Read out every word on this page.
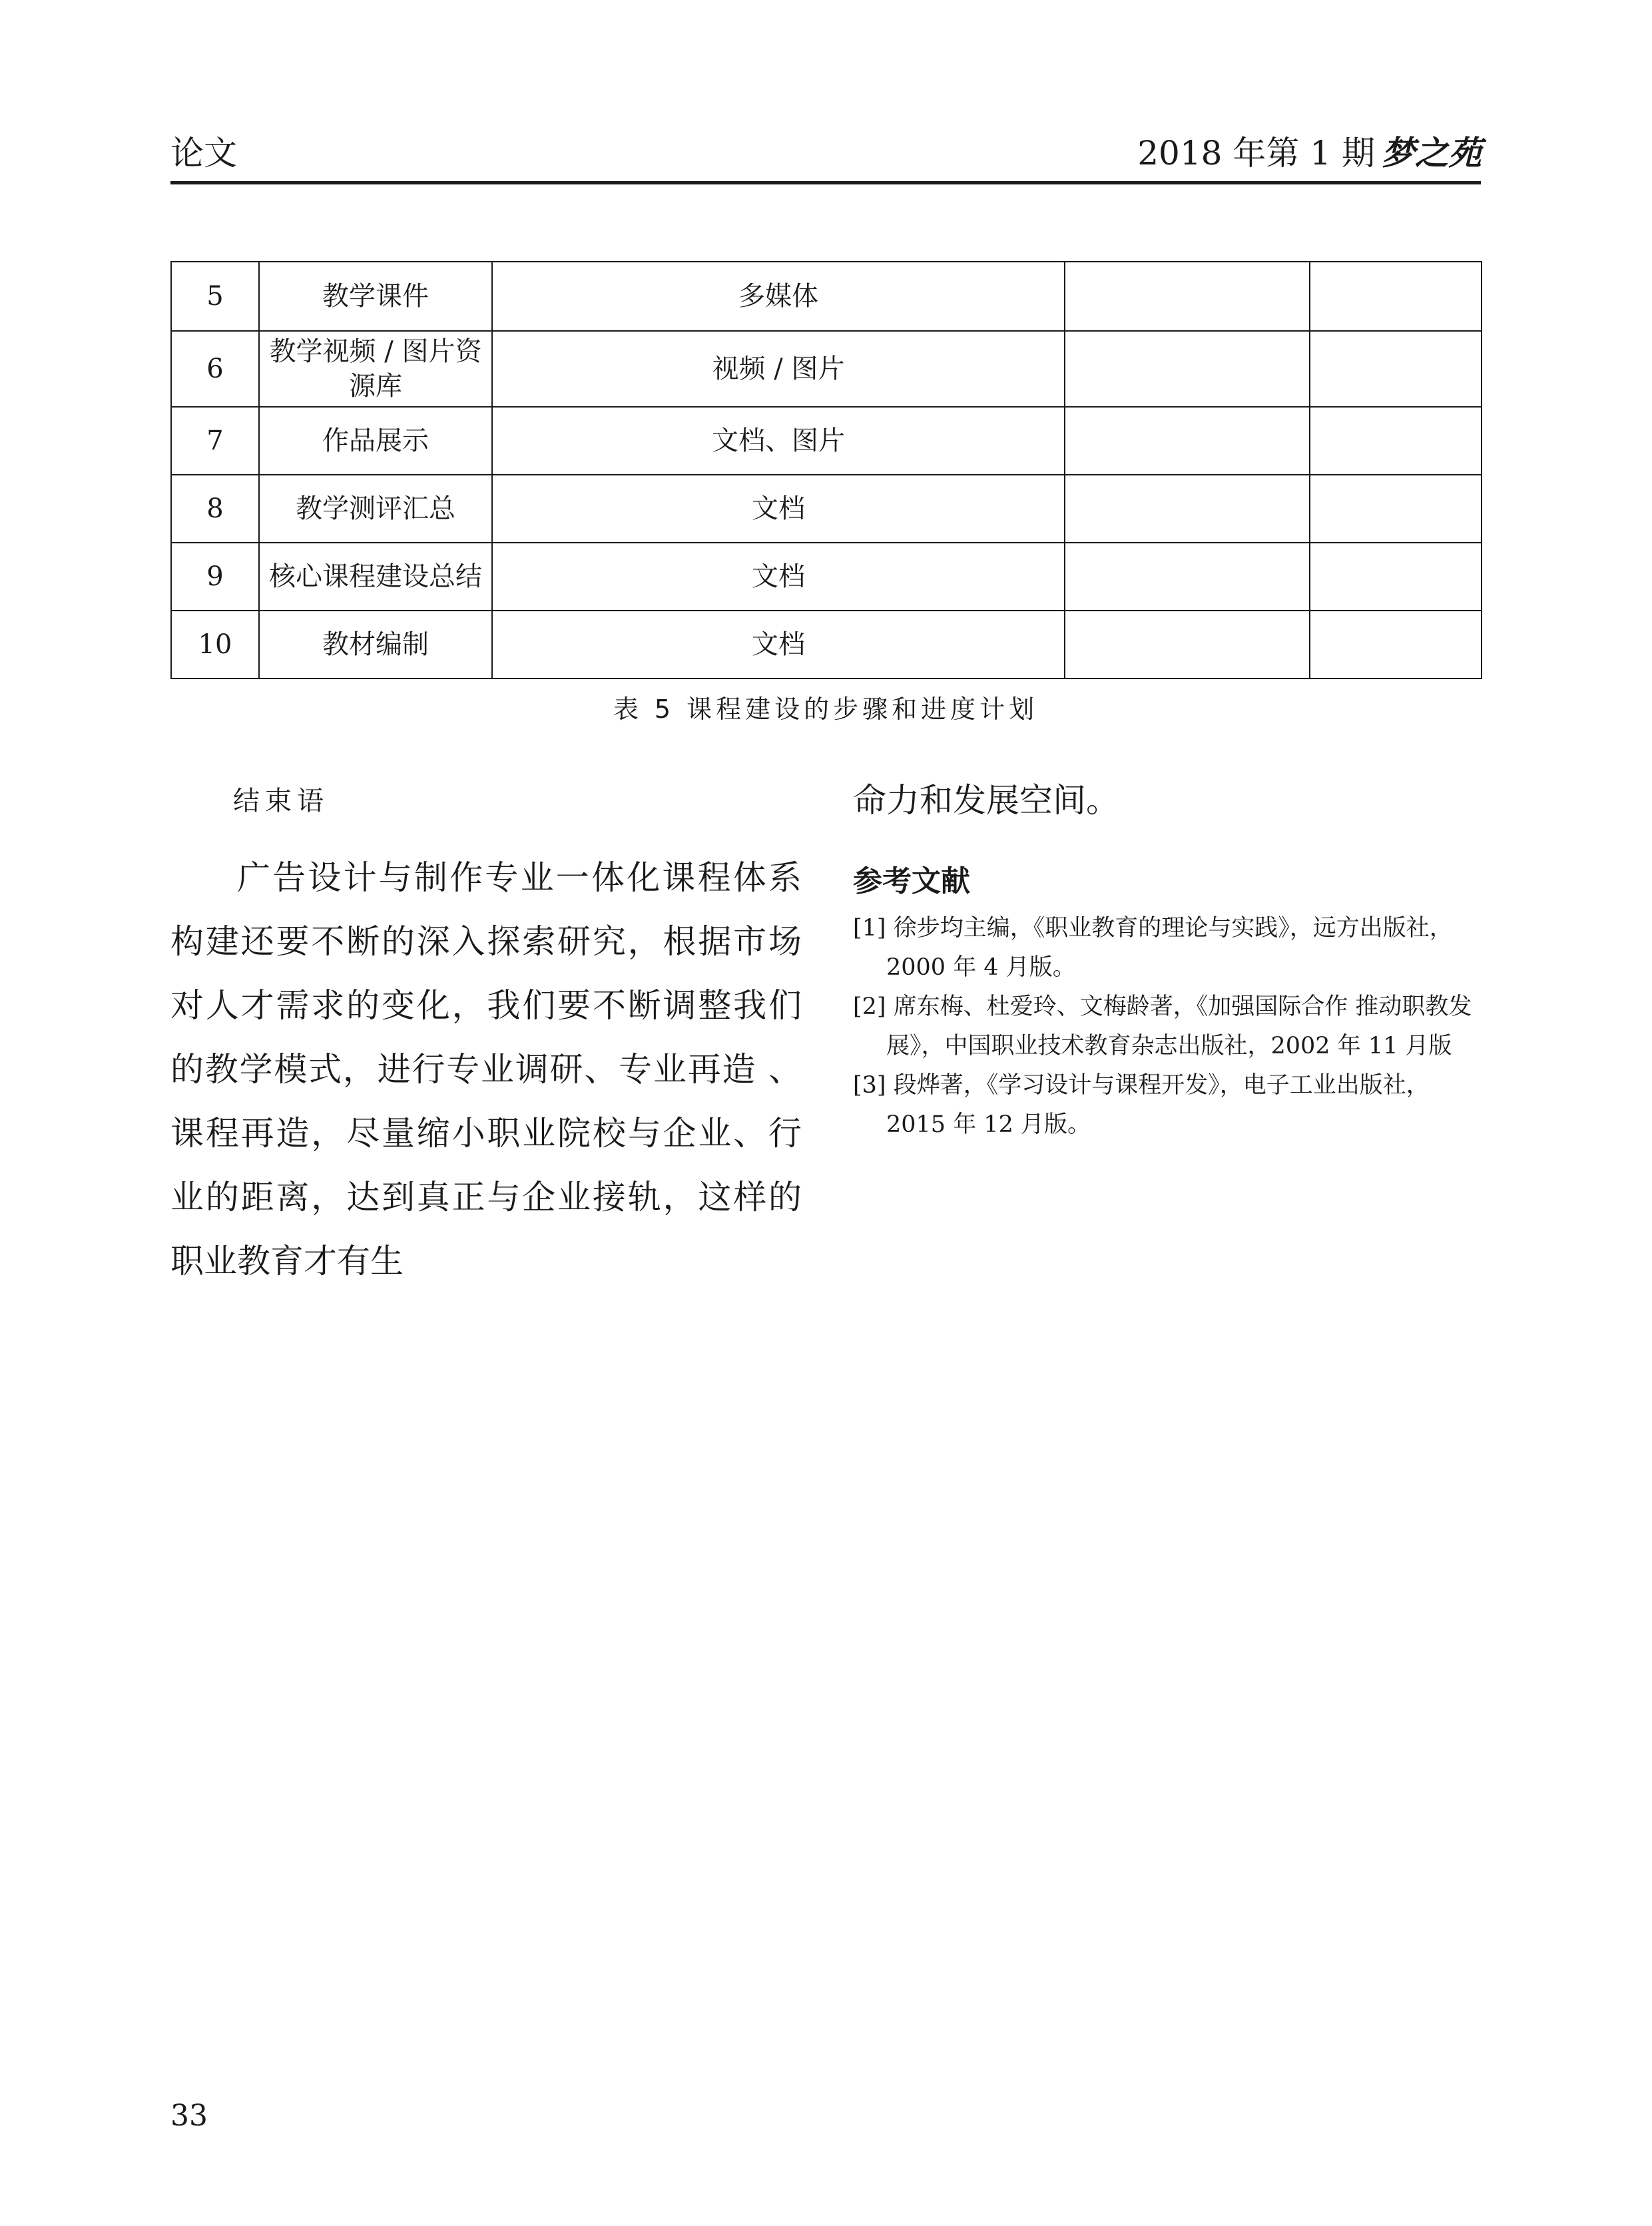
论文	2018 年第 1 期 梦之苑
5	教学课件	多媒体		
6	教学视频 / 图片资源库	视频 / 图片		
7	作品展示	文档、图片		
8	教学测评汇总	文档		
9	核心课程建设总结	文档		
10	教材编制	文档		
表 5 课程建设的步骤和进度计划
结束语

广告设计与制作专业一体化课程体系构建还要不断的深入探索研究，根据市场对人才需求的变化，我们要不断调整我们的教学模式，进行专业调研、专业再造 、课程再造，尽量缩小职业院校与企业、行业的距离，达到真正与企业接轨，这样的职业教育才有生

命力和发展空间。

参考文献
[1] 徐步均主编，《职业教育的理论与实践》，远方出版社，2000 年 4 月版。
[2] 席东梅、杜爱玲、文梅龄著，《加强国际合作 推动职教发展》，中国职业技术教育杂志出版社，2002 年 11 月版
[3] 段烨著，《学习设计与课程开发》，电子工业出版社，2015 年 12 月版。
33
